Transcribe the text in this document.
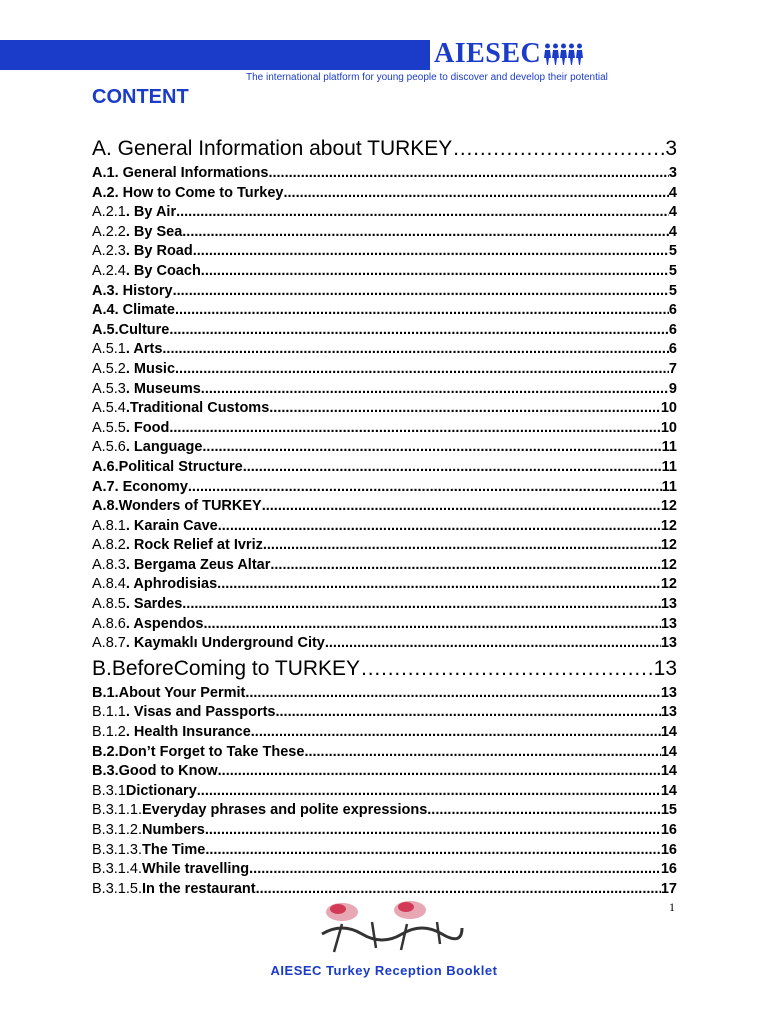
AIESEC
The international platform for young people to discover and develop their potential
CONTENT
A. General Information about TURKEY ………………………………………………………………………………………………………………	3
A.1. General Informations .....	3
A.2. How to Come to Turkey .....	4
A.2.1 . By Air .....	4
A.2.2 . By Sea .....	4
A.2.3 . By Road .....	5
A.2.4 . By Coach .....	5
A.3. History .....	5
A.4. Climate .....	6
A.5.Culture .....	6
A.5.1 . Arts .....	6
A.5.2 . Music .....	7
A.5.3 . Museums .....	9
A.5.4 .Traditional Customs .....	10
A.5.5 . Food .....	10
A.5.6 . Language .....	11
A.6.Political Structure .....	11
A.7. Economy .....	11
A.8.Wonders of TURKEY .....	12
A.8.1 . Karain Cave .....	12
A.8.2 . Rock Relief at Ivriz .....	12
A.8.3 . Bergama Zeus Altar .....	12
A.8.4 . Aphrodisias .....	12
A.8.5 . Sardes .....	13
A.8.6 . Aspendos .....	13
A.8.7 . Kaymaklı Underground City .....	13
B.BeforeComing to TURKEY ………………………………………………………………………………………………………………	13
B.1.About Your Permit .....	13
B.1.1 . Visas and Passports .....	13
B.1.2 . Health Insurance .....	14
B.2.Don’t Forget to Take These .....	14
B.3.Good to Know .....	14
B.3.1 Dictionary .....	14
B.3.1.1. Everyday phrases and polite expressions .....	15
B.3.1.2. Numbers .....	16
B.3.1.3. The Time .....	16
B.3.1.4. While travelling .....	16
B.3.1.5. In the restaurant .....	17
1
AIESEC Turkey Reception Booklet
